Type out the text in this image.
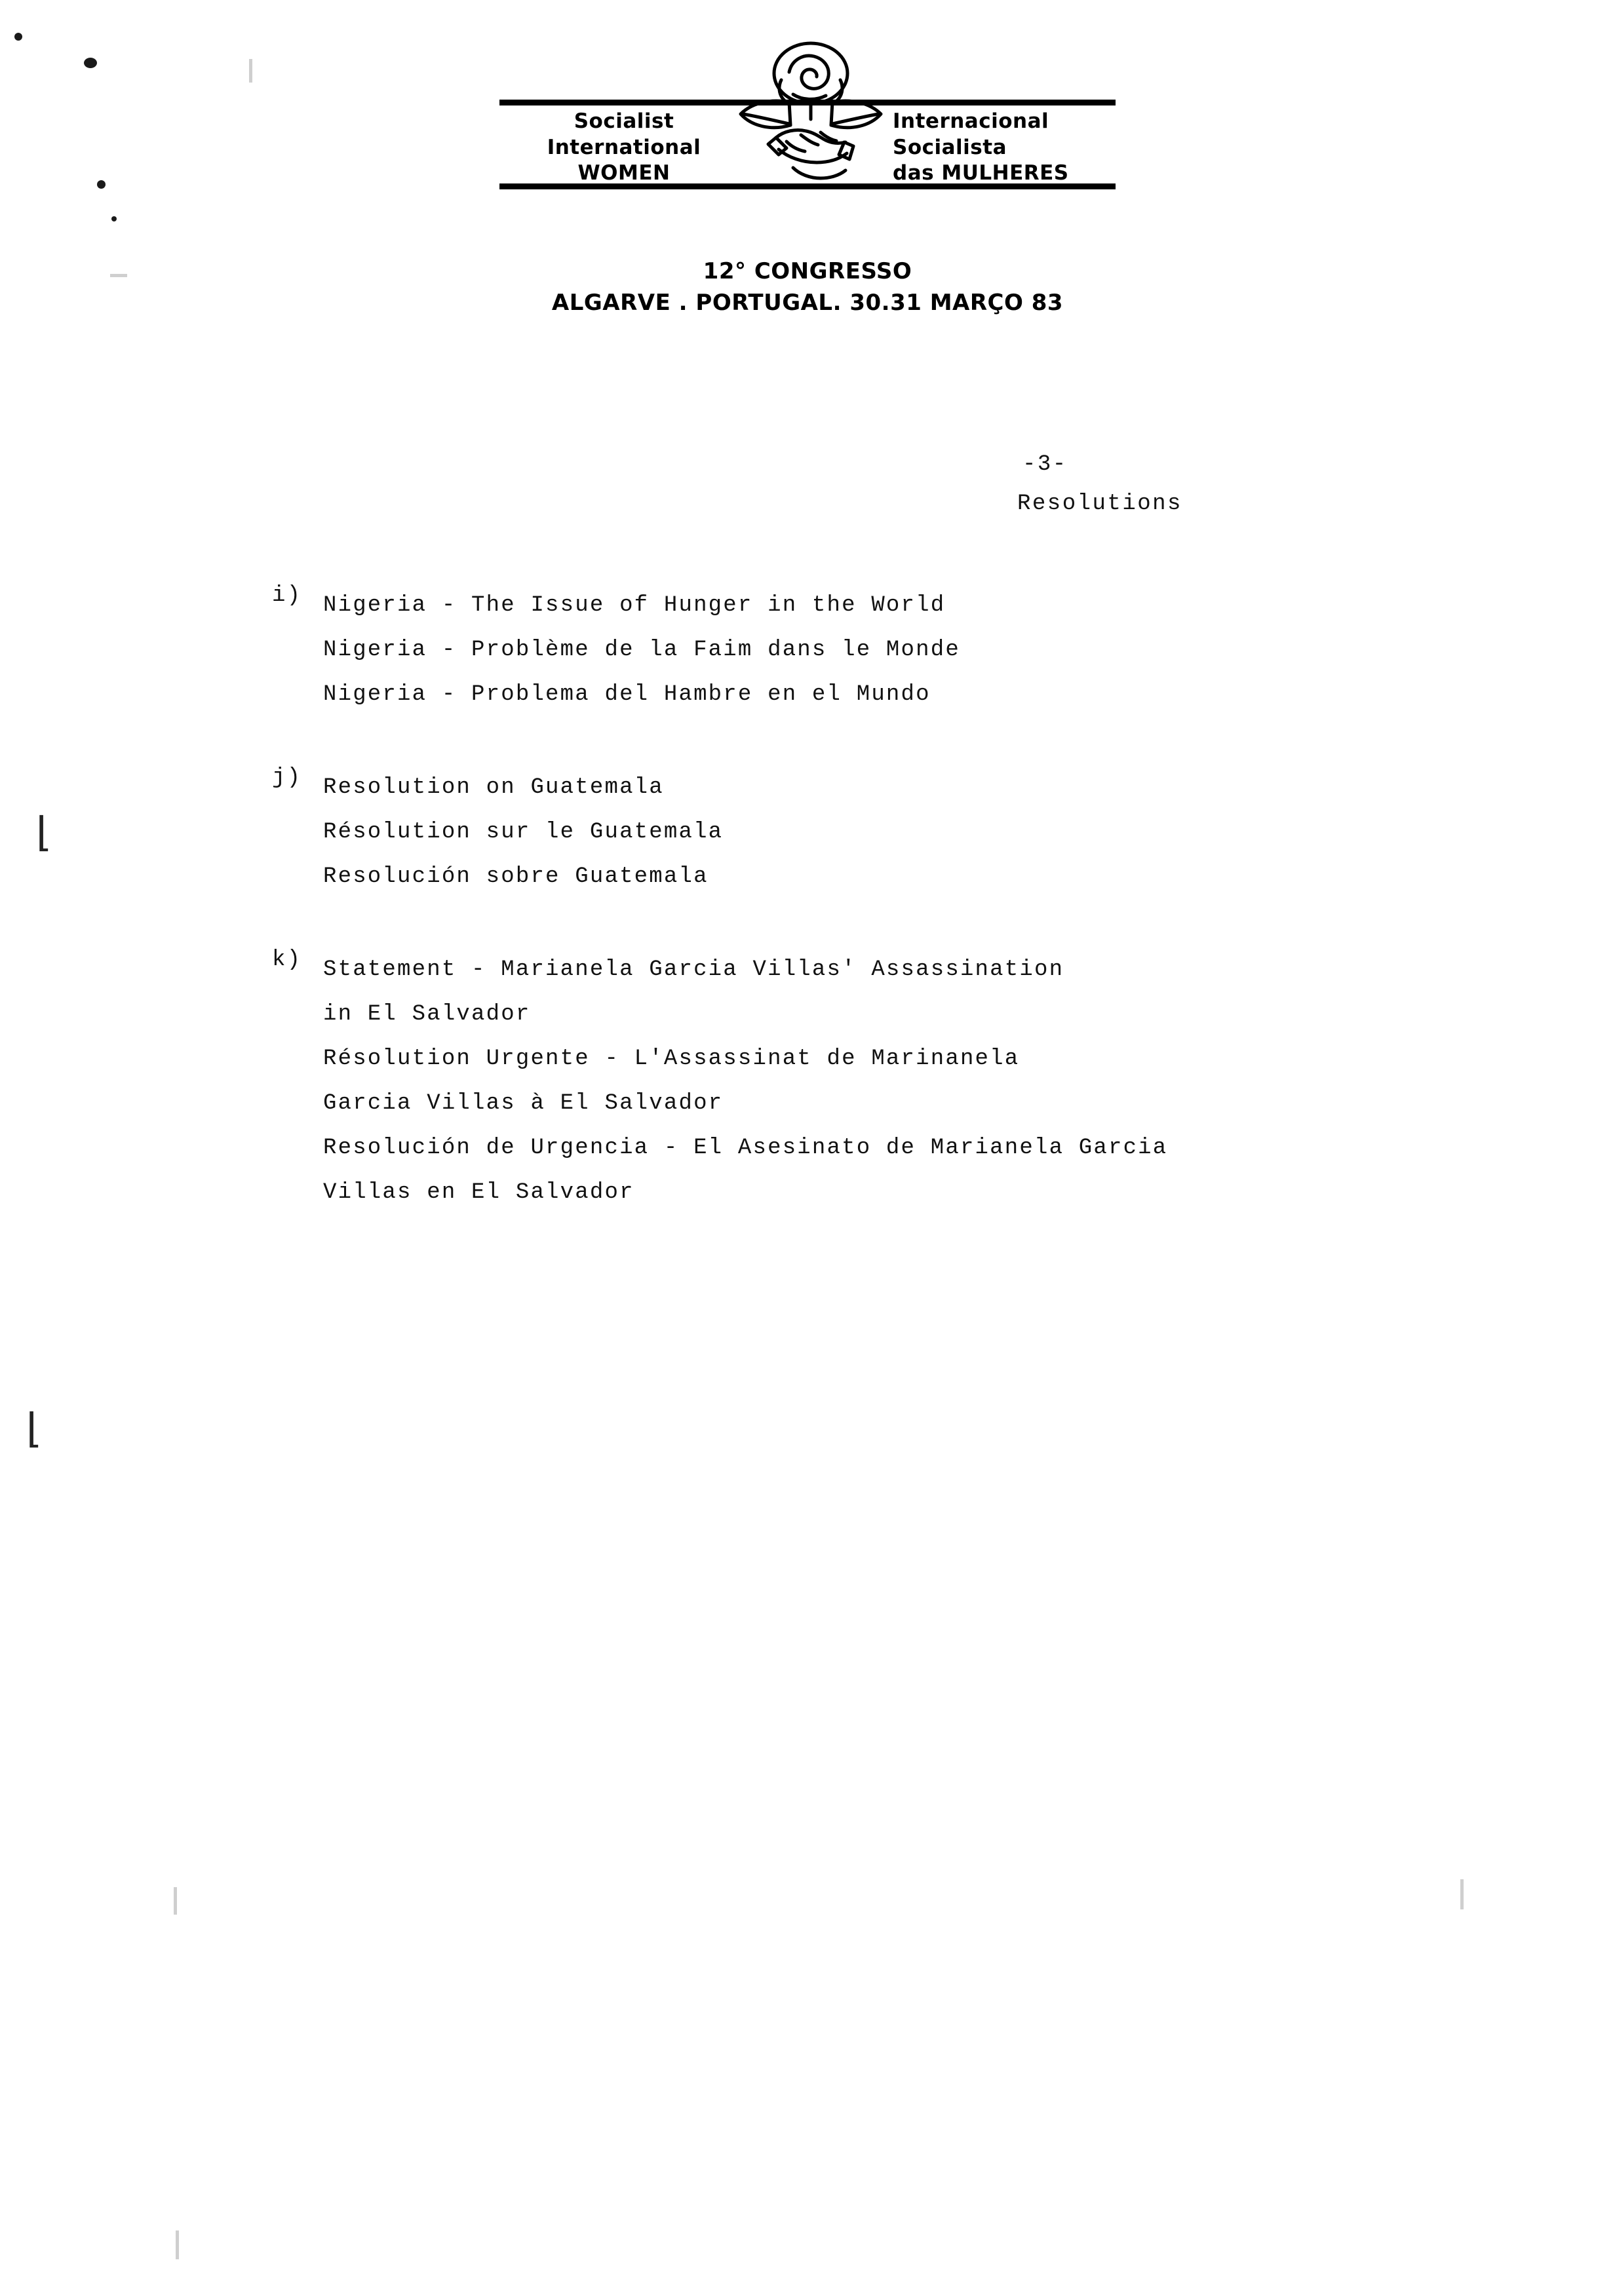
⌊
⌊
Socialist
International
WOMEN
Internacional
Socialista
das MULHERES
12° CONGRESSO
ALGARVE . PORTUGAL. 30.31 MARÇO 83
-3-
Resolutions
i) Nigeria - The Issue of Hunger in the World
Nigeria - Problème de la Faim dans le Monde
Nigeria - Problema del Hambre en el Mundo
j) Resolution on Guatemala
Résolution sur le Guatemala
Resolución sobre Guatemala
k) Statement - Marianela Garcia Villas' Assassination
in El Salvador
Résolution Urgente - L'Assassinat de Marinanela
Garcia Villas à El Salvador
Resolución de Urgencia - El Asesinato de Marianela Garcia
Villas en El Salvador
